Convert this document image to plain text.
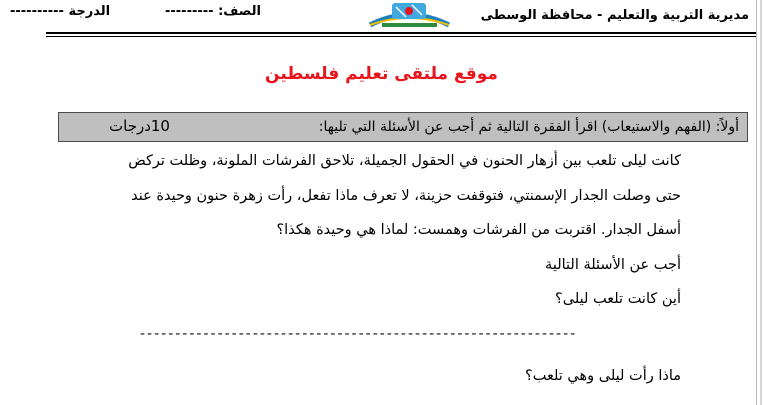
مديرية التربية والتعليم - محافظة الوسطى
الصف: ---------
الدرجة ----------
موقع ملتقى تعليم فلسطين
أولاً: (الفهم والاستيعاب) اقرأ الفقرة التالية ثم أجب عن الأسئلة التي تليها:
10درجات
كانت ليلى تلعب بين أزهار الحنون في الحقول الجميلة، تلاحق الفرشات الملونة، وظلت تركض
حتى وصلت الجدار الإسمنتي، فتوقفت حزينة، لا تعرف ماذا تفعل، رأت زهرة حنون وحيدة عند
أسفل الجدار. اقتربت من الفرشات وهمست: لماذا هي وحيدة هكذا؟
أجب عن الأسئلة التالية
أين كانت تلعب ليلى؟
--------------------------------------------------------------
ماذا رأت ليلى وهي تلعب؟
